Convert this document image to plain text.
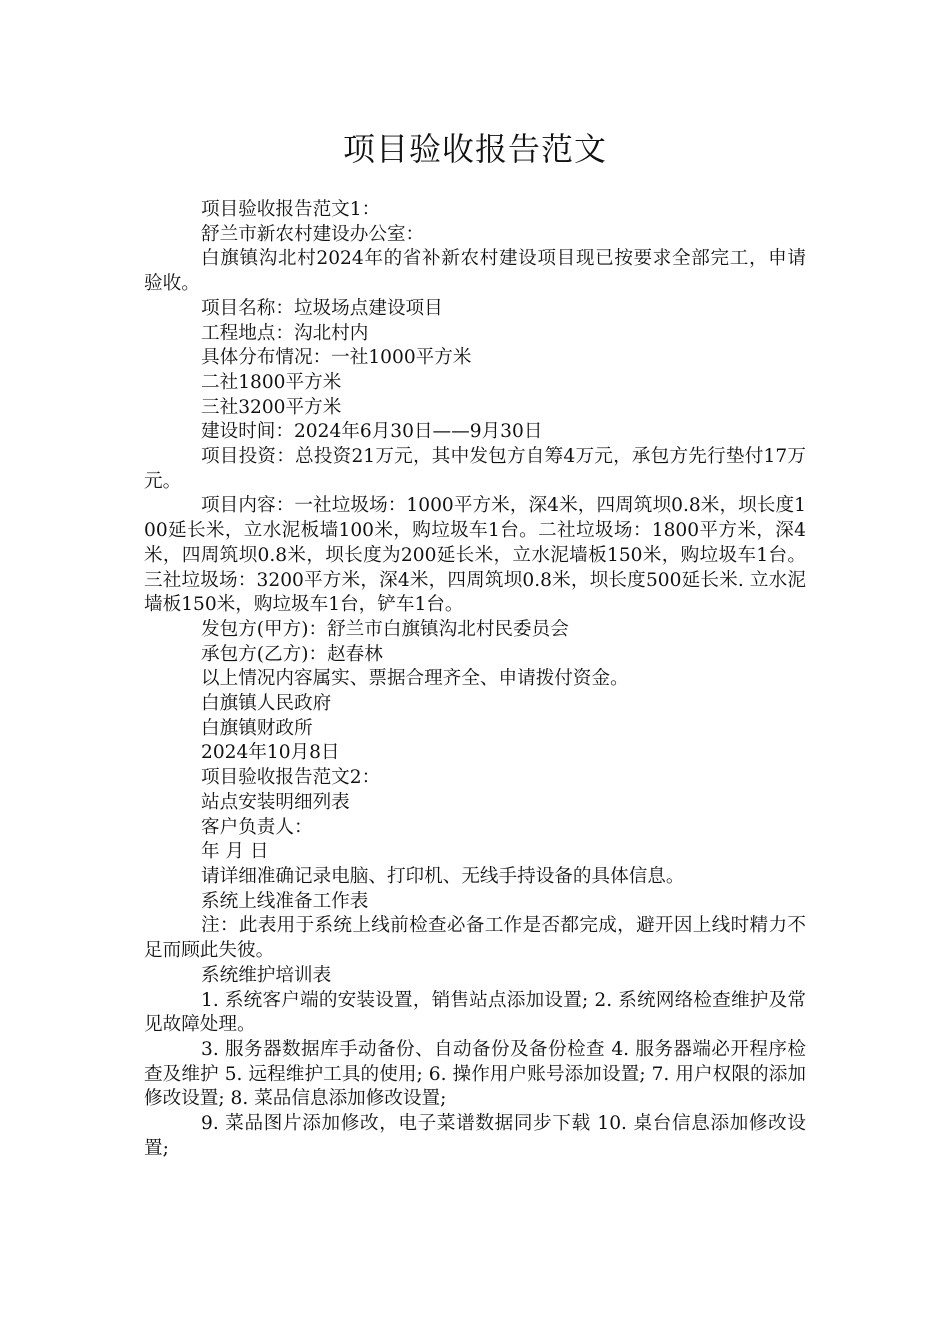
项目验收报告范文

项目验收报告范文1：

舒兰市新农村建设办公室：

白旗镇沟北村2024年的省补新农村建设项目现已按要求全部完工，申请验收。

项目名称：垃圾场点建设项目

工程地点：沟北村内

具体分布情况：一社1000平方米

二社1800平方米

三社3200平方米

建设时间：2024年6月30日——9月30日

项目投资：总投资21万元，其中发包方自筹4万元，承包方先行垫付17万元。

项目内容：一社垃圾场：1000平方米，深4米，四周筑坝0.8米，坝长度100延长米，立水泥板墙100米，购垃圾车1台。二社垃圾场：1800平方米，深4米，四周筑坝0.8米，坝长度为200延长米，立水泥墙板150米，购垃圾车1台。三社垃圾场：3200平方米，深4米，四周筑坝0.8米，坝长度500延长米. 立水泥墙板150米，购垃圾车1台，铲车1台。

发包方(甲方)：舒兰市白旗镇沟北村民委员会

承包方(乙方)：赵春林

以上情况内容属实、票据合理齐全、申请拨付资金。

白旗镇人民政府

白旗镇财政所

2024年10月8日

项目验收报告范文2：

站点安装明细列表

客户负责人：

年 月 日

请详细准确记录电脑、打印机、无线手持设备的具体信息。

系统上线准备工作表

注：此表用于系统上线前检查必备工作是否都完成，避开因上线时精力不足而顾此失彼。

系统维护培训表

1. 系统客户端的安装设置，销售站点添加设置; 2. 系统网络检查维护及常见故障处理。

3. 服务器数据库手动备份、自动备份及备份检查 4. 服务器端必开程序检查及维护 5. 远程维护工具的使用; 6. 操作用户账号添加设置; 7. 用户权限的添加修改设置; 8. 菜品信息添加修改设置;

9. 菜品图片添加修改，电子菜谱数据同步下载 10. 桌台信息添加修改设置;
